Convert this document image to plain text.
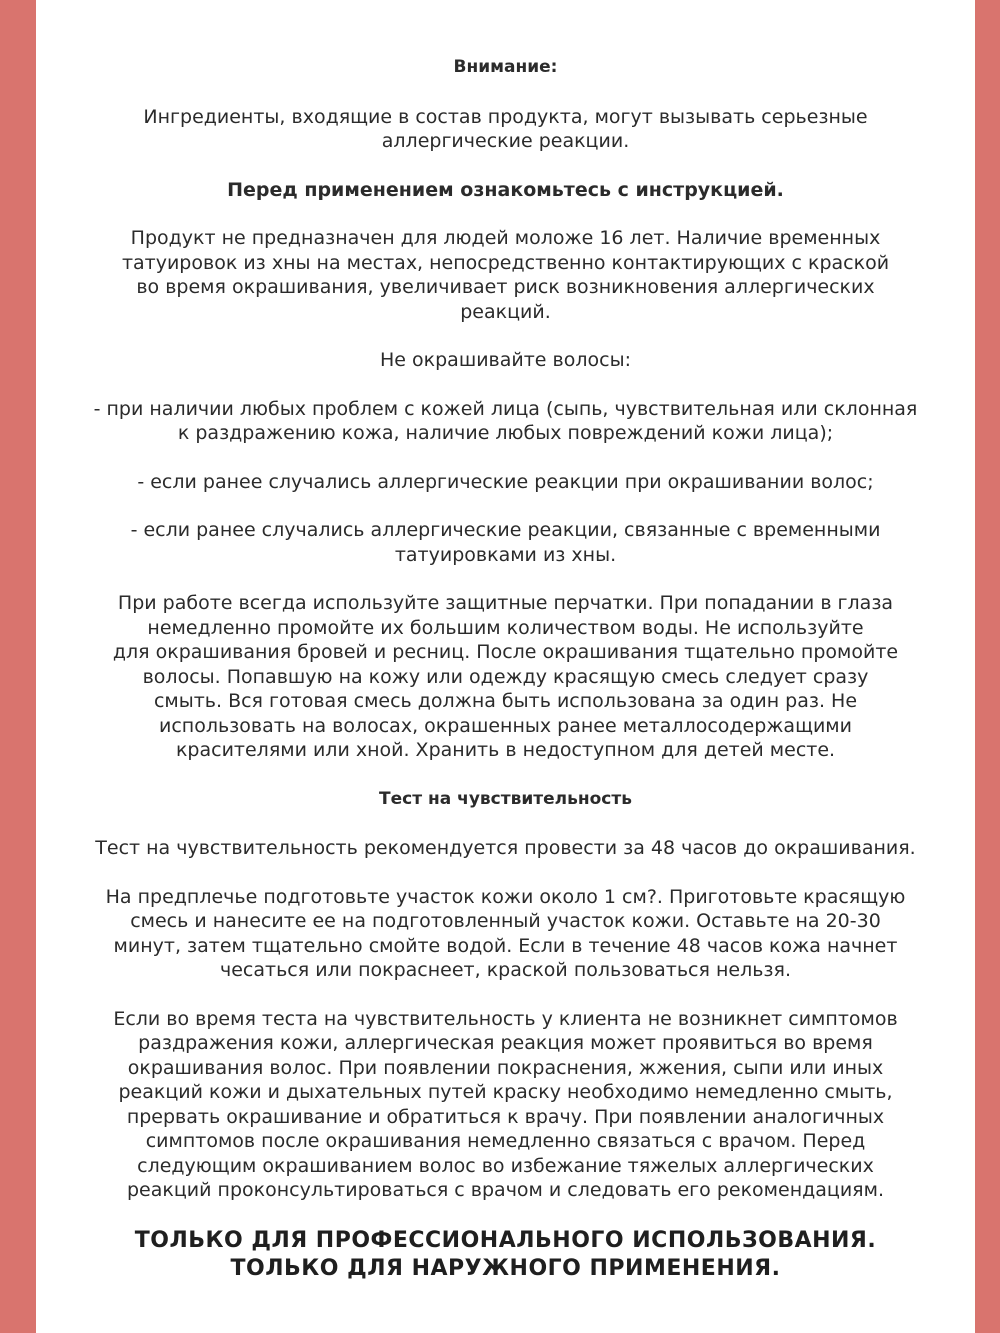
Внимание:
Ингредиенты, входящие в состав продукта, могут вызывать серьезные
аллергические реакции.
Перед применением ознакомьтесь с инструкцией.
Продукт не предназначен для людей моложе 16 лет. Наличие временных
татуировок из хны на местах, непосредственно контактирующих с краской
во время окрашивания, увеличивает риск возникновения аллергических
реакций.
Не окрашивайте волосы:
- при наличии любых проблем с кожей лица (сыпь, чувствительная или склонная
к раздражению кожа, наличие любых повреждений кожи лица);
- если ранее случались аллергические реакции при окрашивании волос;
- если ранее случались аллергические реакции, связанные с временными
татуировками из хны.
При работе всегда используйте защитные перчатки. При попадании в глаза
немедленно промойте их большим количеством воды. Не используйте
для окрашивания бровей и ресниц. После окрашивания тщательно промойте
волосы. Попавшую на кожу или одежду красящую смесь следует сразу
смыть. Вся готовая смесь должна быть использована за один раз. Не
использовать на волосах, окрашенных ранее металлосодержащими
красителями или хной. Хранить в недоступном для детей месте.
Тест на чувствительность
Тест на чувствительность рекомендуется провести за 48 часов до окрашивания.
На предплечье подготовьте участок кожи около 1 см?. Приготовьте красящую
смесь и нанесите ее на подготовленный участок кожи. Оставьте на 20-30
минут, затем тщательно смойте водой. Если в течение 48 часов кожа начнет
чесаться или покраснеет, краской пользоваться нельзя.
Если во время теста на чувствительность у клиента не возникнет симптомов
раздражения кожи, аллергическая реакция может проявиться во время
окрашивания волос. При появлении покраснения, жжения, сыпи или иных
реакций кожи и дыхательных путей краску необходимо немедленно смыть,
прервать окрашивание и обратиться к врачу. При появлении аналогичных
симптомов после окрашивания немедленно связаться с врачом. Перед
следующим окрашиванием волос во избежание тяжелых аллергических
реакций проконсультироваться с врачом и следовать его рекомендациям.
ТОЛЬКО ДЛЯ ПРОФЕССИОНАЛЬНОГО ИСПОЛЬЗОВАНИЯ.
ТОЛЬКО ДЛЯ НАРУЖНОГО ПРИМЕНЕНИЯ.
